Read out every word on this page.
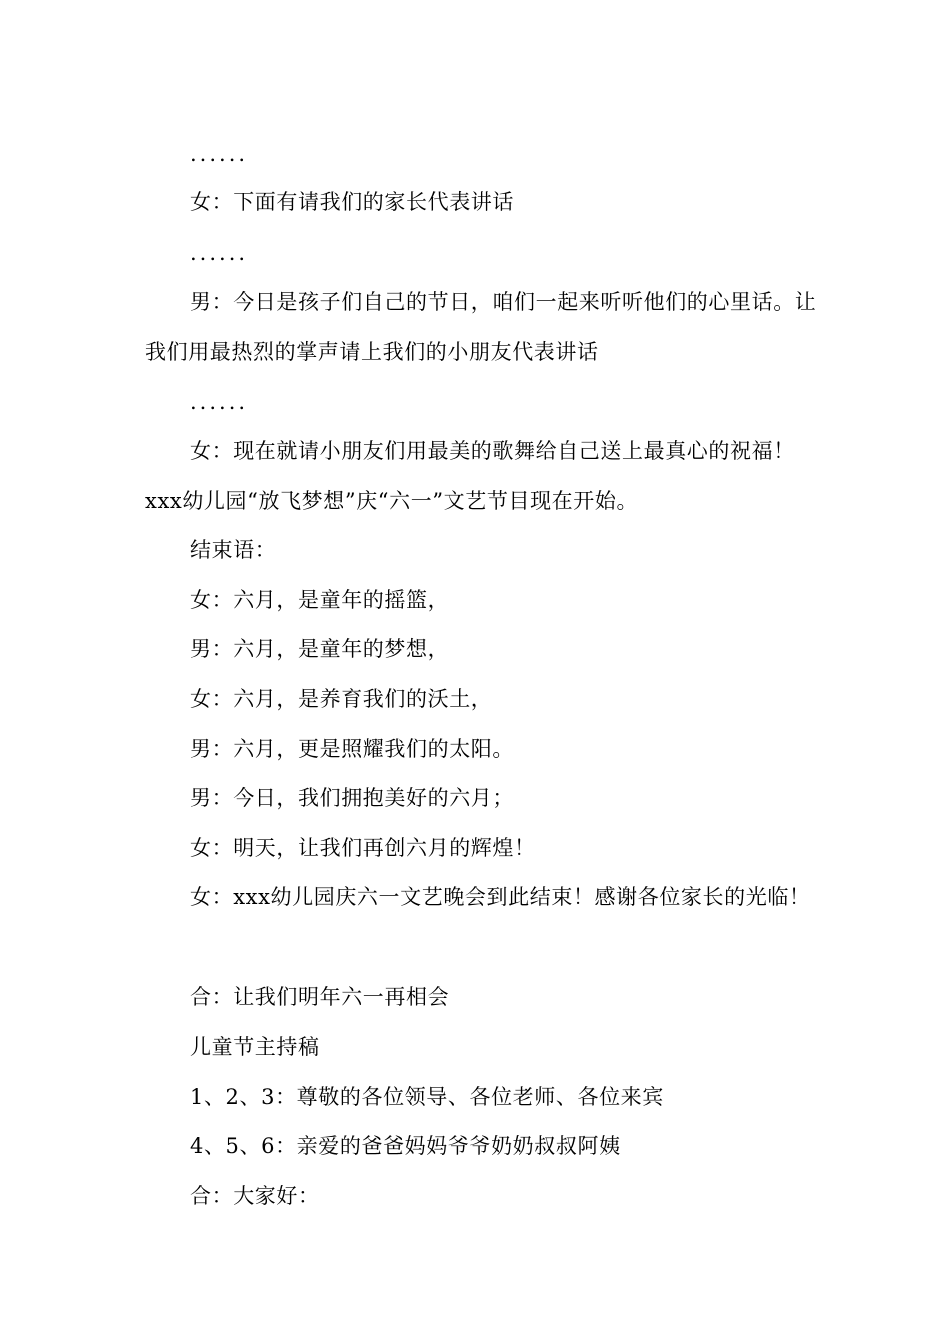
......
女：下面有请我们的家长代表讲话
......
男：今日是孩子们自己的节日，咱们一起来听听他们的心里话。让我们用最热烈的掌声请上我们的小朋友代表讲话
......
女：现在就请小朋友们用最美的歌舞给自己送上最真心的祝福！xxx幼儿园“放飞梦想”庆“六一”文艺节目现在开始。
结束语：
女：六月，是童年的摇篮，
男：六月，是童年的梦想，
女：六月，是养育我们的沃土，
男：六月，更是照耀我们的太阳。
男：今日，我们拥抱美好的六月；
女：明天，让我们再创六月的辉煌！
女：xxx幼儿园庆六一文艺晚会到此结束！感谢各位家长的光临！
合：让我们明年六一再相会
儿童节主持稿
1、2、3：尊敬的各位领导、各位老师、各位来宾
4、5、6：亲爱的爸爸妈妈爷爷奶奶叔叔阿姨
合：大家好：
